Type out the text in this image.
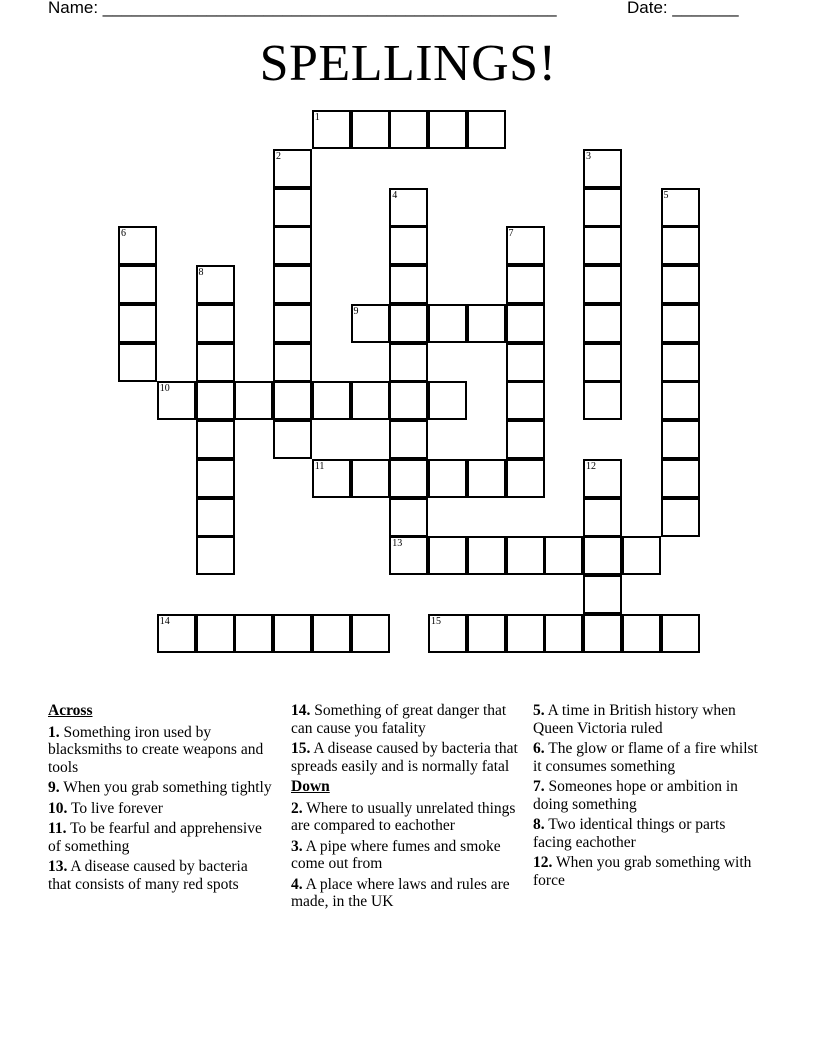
Name: ________________________________________________	Date: _______
SPELLINGS!
1
2	3
4
13
5
6	7
8
9
10
11	12
14	15
Across
1. Something iron used by blacksmiths to create weapons and tools
9. When you grab something tightly
10. To live forever
11. To be fearful and apprehensive of something
13. A disease caused by bacteria that consists of many red spots
14. Something of great danger that can cause you fatality
15. A disease caused by bacteria that spreads easily and is normally fatal
Down
2. Where to usually unrelated things are compared to eachother
3. A pipe where fumes and smoke come out from
4. A place where laws and rules are made, in the UK
5. A time in British history when Queen Victoria ruled
6. The glow or flame of a fire whilst it consumes something
7. Someones hope or ambition in doing something
8. Two identical things or parts facing eachother
12. When you grab something with force
